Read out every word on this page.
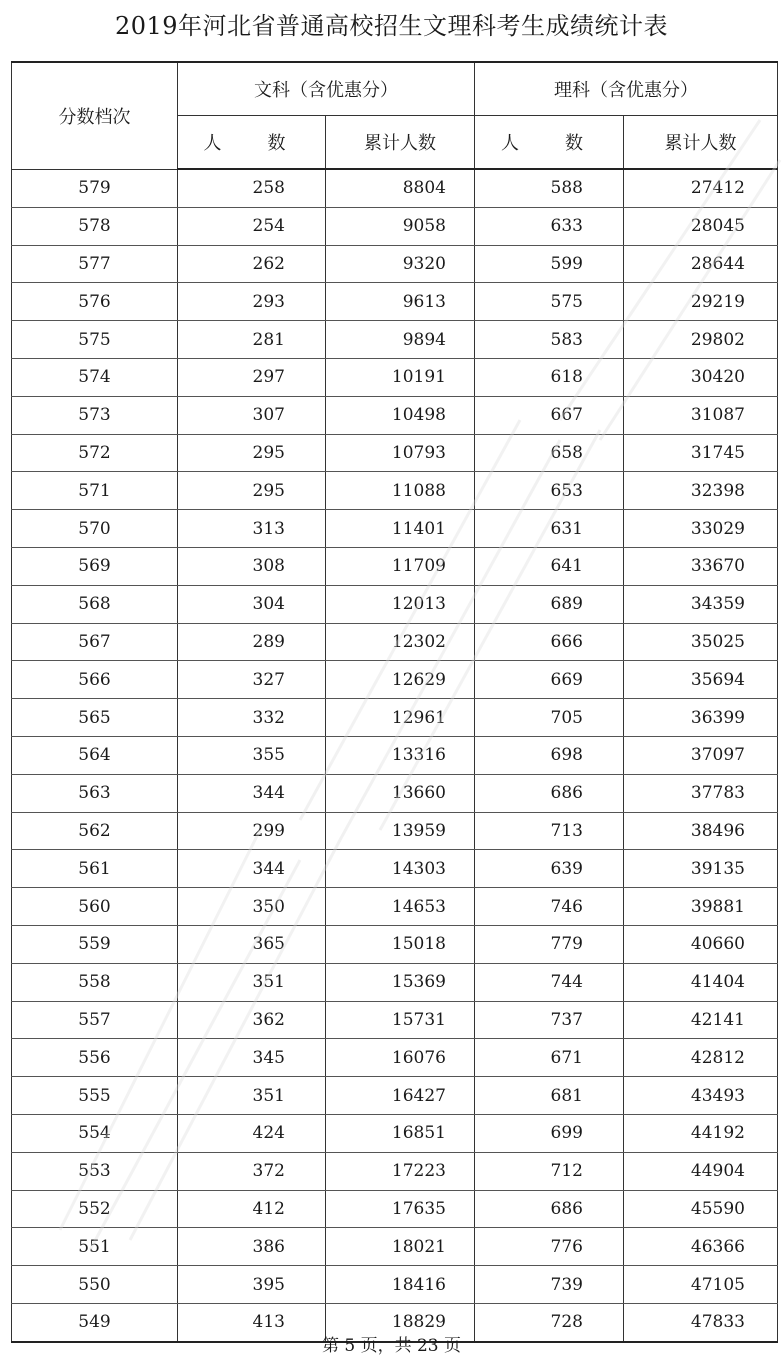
2019年河北省普通高校招生文理科考生成绩统计表
分数档次	文科（含优惠分）		理科（含优惠分）	
	人　数	累计人数	人　数	累计人数
579	258	8804	588	27412
578	254	9058	633	28045
577	262	9320	599	28644
576	293	9613	575	29219
575	281	9894	583	29802
574	297	10191	618	30420
573	307	10498	667	31087
572	295	10793	658	31745
571	295	11088	653	32398
570	313	11401	631	33029
569	308	11709	641	33670
568	304	12013	689	34359
567	289	12302	666	35025
566	327	12629	669	35694
565	332	12961	705	36399
564	355	13316	698	37097
563	344	13660	686	37783
562	299	13959	713	38496
561	344	14303	639	39135
560	350	14653	746	39881
559	365	15018	779	40660
558	351	15369	744	41404
557	362	15731	737	42141
556	345	16076	671	42812
555	351	16427	681	43493
554	424	16851	699	44192
553	372	17223	712	44904
552	412	17635	686	45590
551	386	18021	776	46366
550	395	18416	739	47105
549	413	18829	728	47833
第 5 页，共 23 页
